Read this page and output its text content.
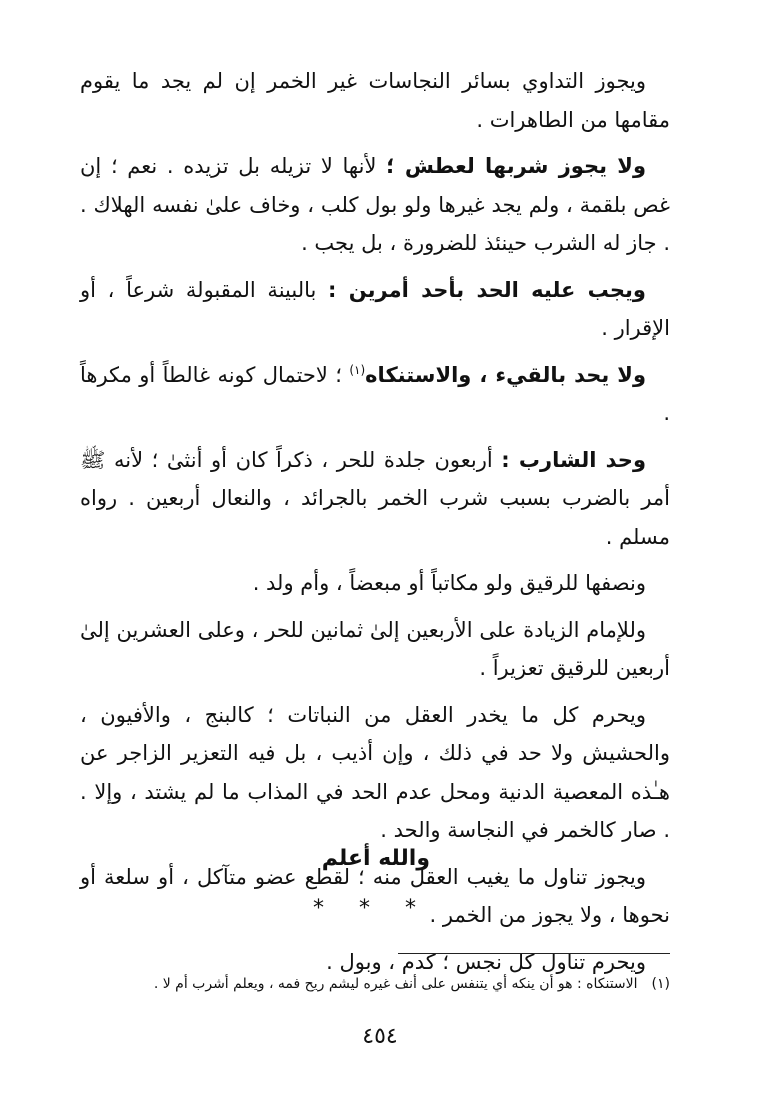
ويجوز التداوي بسائر النجاسات غير الخمر إن لم يجد ما يقوم مقامها من الطاهرات .

ولا يجوز شربها لعطش ؛ لأنها لا تزيله بل تزيده . نعم ؛ إن غص بلقمة ، ولم يجد غيرها ولو بول كلب ، وخاف علىٰ نفسه الهلاك . . جاز له الشرب حينئذ للضرورة ، بل يجب .

ويجب عليه الحد بأحد أمرين : بالبينة المقبولة شرعاً ، أو الإقرار .

ولا يحد بالقيء ، والاستنكاه$^{(١)}$ ؛ لاحتمال كونه غالطاً أو مكرهاً .

وحد الشارب : أربعون جلدة للحر ، ذكراً كان أو أنثىٰ ؛ لأنه ﷺ أمر بالضرب بسبب شرب الخمر بالجرائد ، والنعال أربعين . رواه مسلم .

ونصفها للرقيق ولو مكاتباً أو مبعضاً ، وأم ولد .

وللإمام الزيادة على الأربعين إلىٰ ثمانين للحر ، وعلى العشرين إلىٰ أربعين للرقيق تعزيراً .

ويحرم كل ما يخدر العقل من النباتات ؛ كالبنج ، والأفيون ، والحشيش ولا حد في ذلك ، وإن أذيب ، بل فيه التعزير الزاجر عن هـٰذه المعصية الدنية ومحل عدم الحد في المذاب ما لم يشتد ، وإلا . . صار كالخمر في النجاسة والحد .

ويجوز تناول ما يغيب العقل منه ؛ لقطع عضو متآكل ، أو سلعة أو نحوها ، ولا يجوز من الخمر .

ويحرم تناول كل نجس ؛ كدم ، وبول .

والله أعلم
* * *
(١)الاستنكاه : هو أن ينكه أي يتنفس على أنف غيره ليشم ريح فمه ، ويعلم أشرب أم لا .
٤٥٤
